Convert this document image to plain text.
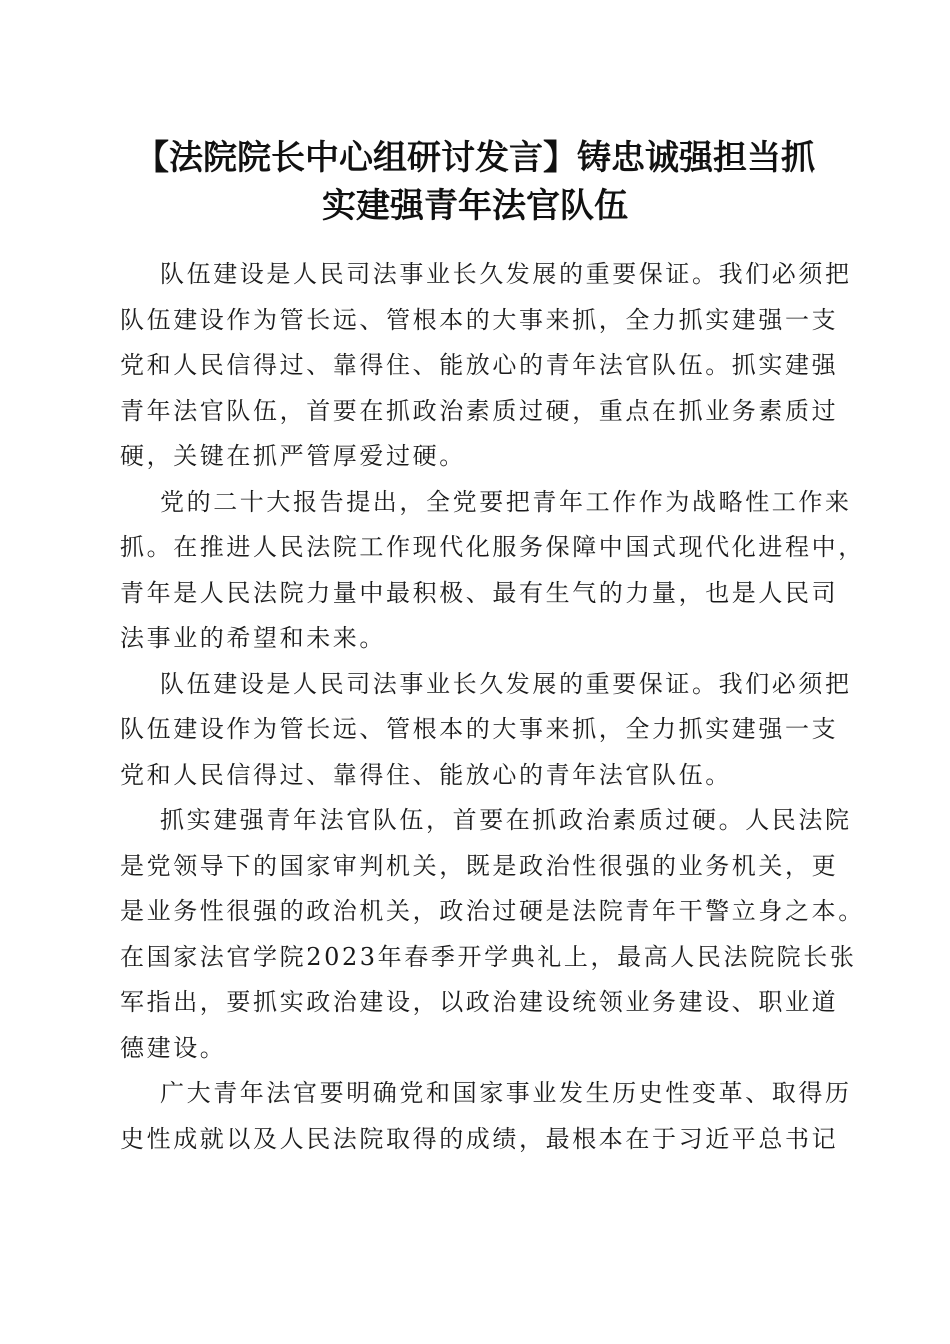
【法院院长中心组研讨发言】铸忠诚强担当抓
实建强青年法官队伍

队伍建设是人民司法事业长久发展的重要保证。我们必须把
队伍建设作为管长远、管根本的大事来抓，全力抓实建强一支
党和人民信得过、靠得住、能放心的青年法官队伍。抓实建强
青年法官队伍，首要在抓政治素质过硬，重点在抓业务素质过
硬，关键在抓严管厚爱过硬。

党的二十大报告提出，全党要把青年工作作为战略性工作来
抓。在推进人民法院工作现代化服务保障中国式现代化进程中，
青年是人民法院力量中最积极、最有生气的力量，也是人民司
法事业的希望和未来。

队伍建设是人民司法事业长久发展的重要保证。我们必须把
队伍建设作为管长远、管根本的大事来抓，全力抓实建强一支
党和人民信得过、靠得住、能放心的青年法官队伍。

抓实建强青年法官队伍，首要在抓政治素质过硬。人民法院
是党领导下的国家审判机关，既是政治性很强的业务机关，更
是业务性很强的政治机关，政治过硬是法院青年干警立身之本。
在国家法官学院2023年春季开学典礼上，最高人民法院院长张
军指出，要抓实政治建设，以政治建设统领业务建设、职业道
德建设。

广大青年法官要明确党和国家事业发生历史性变革、取得历
史性成就以及人民法院取得的成绩，最根本在于习近平总书记
